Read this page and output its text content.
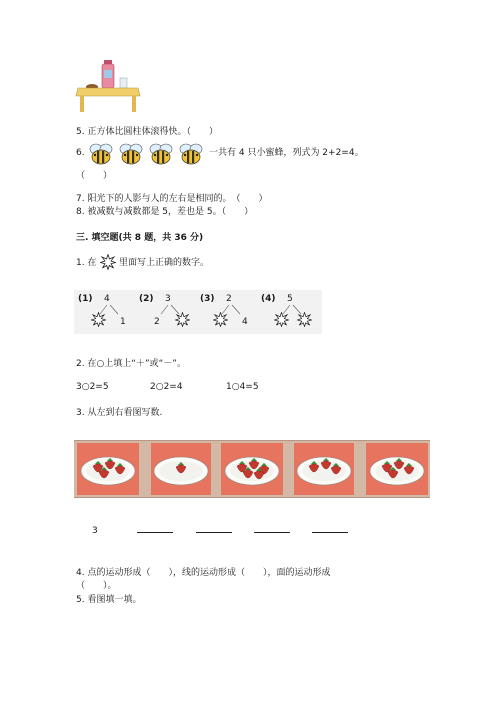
5. 正方体比圆柱体滚得快。（　　）
6.	一共有 4 只小蜜蜂，列式为 2+2=4。
（　　）
7. 阳光下的人影与人的左右是相同的。　（　　）
8. 被减数与减数都是 5，差也是 5。（　　）
三. 填空题(共 8 题，共 36 分)
1. 在	里面写上正确的数字。
(1) 4
1
(2) 3
2
(3) 2
4
(4) 5
2. 在○上填上“＋”或“－”。
3○2=5	2○2=4	1○4=5
3. 从左到右看图写数.
3
4. 点的运动形成（　　），线的运动形成（　　），面的运动形成
（　　）。
5. 看图填一填。
